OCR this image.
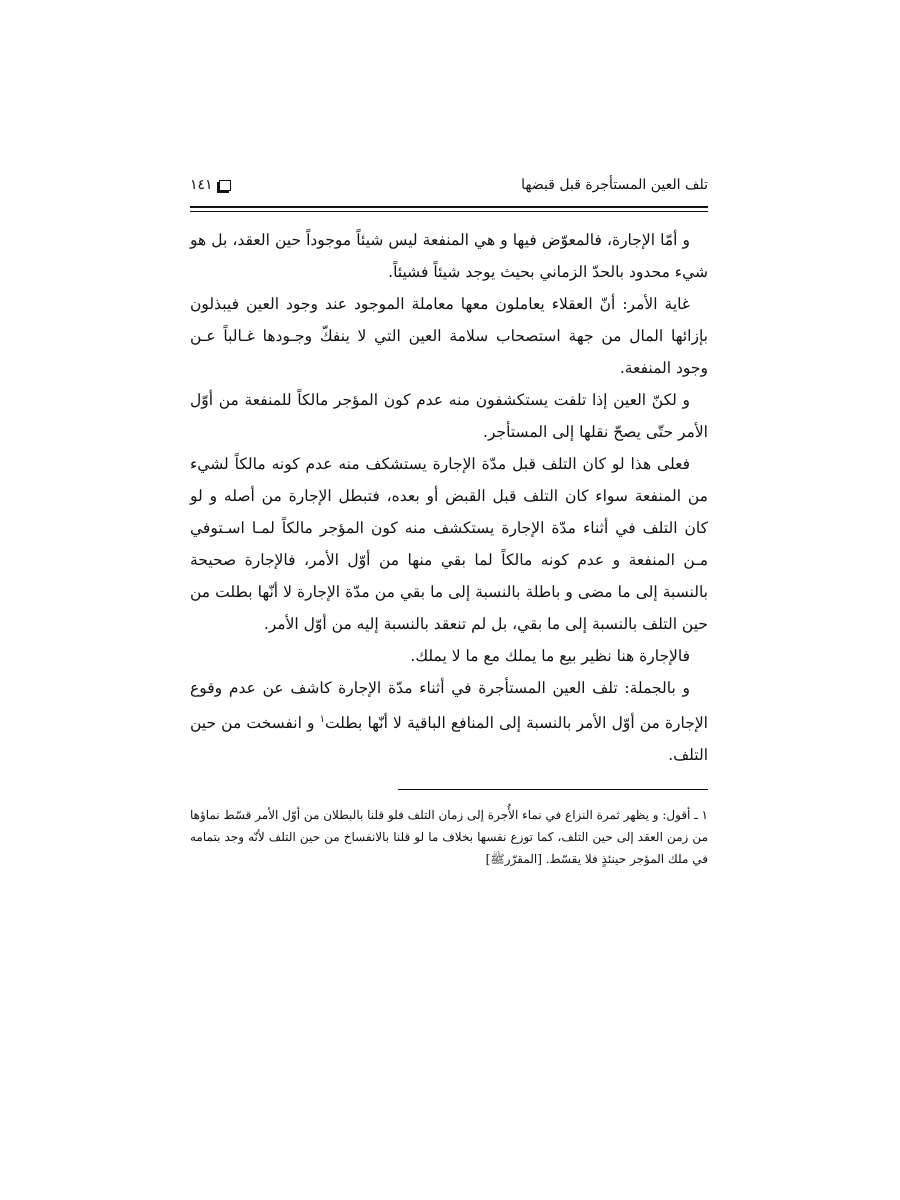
تلف العين المستأجرة قبل قبضها
١٤١

و أمّا الإجارة، فالمعوّض فيها و هي المنفعة ليس شيئاً موجوداً حين العقد، بل هو شيء محدود بالحدّ الزماني بحيث يوجد شيئاً فشيئاً.

غاية الأمر: أنّ العقلاء يعاملون معها معاملة الموجود عند وجود العين فيبذلون بإزائها المال من جهة استصحاب سلامة العين التي لا ينفكّ وجـودها غـالباً عـن وجود المنفعة.

و لكنّ العين إذا تلفت يستكشفون منه عدم كون المؤجر مالكاً للمنفعة من أوّل الأمر حتّى يصحّ نقلها إلى المستأجر.

فعلى هذا لو كان التلف قبل مدّة الإجارة يستشكف منه عدم كونه مالكاً لشيء من المنفعة سواء كان التلف قبل القبض أو بعده، فتبطل الإجارة من أصله و لو كان التلف في أثناء مدّة الإجارة يستكشف منه كون المؤجر مالكاً لمـا اسـتوفي مـن المنفعة و عدم كونه مالكاً لما بقي منها من أوّل الأمر، فالإجارة صحيحة بالنسبة إلى ما مضى و باطلة بالنسبة إلى ما بقي من مدّة الإجارة لا أنّها بطلت من حين التلف بالنسبة إلى ما بقي، بل لم تنعقد بالنسبة إليه من أوّل الأمر.

فالإجارة هنا نظير بيع ما يملك مع ما لا يملك.

و بالجملة: تلف العين المستأجرة في أثناء مدّة الإجارة كاشف عن عدم وقوع الإجارة من أوّل الأمر بالنسبة إلى المنافع الباقية لا أنّها بطلت$^١$ و انفسخت من حين التلف.

١ ـ أقول: و يظهر ثمرة النزاع في نماء الأُجرة إلى زمان التلف فلو قلنا بالبطلان من أوّل الأمر قسّط نماؤها من زمن العقد إلى حين التلف، كما توزع نفسها بخلاف ما لو قلنا بالانفساخ من حين التلف لأنّه وجد بتمامه في ملك المؤجر حينئذٍ فلا يقسّط. [المقرّرﷺ]
